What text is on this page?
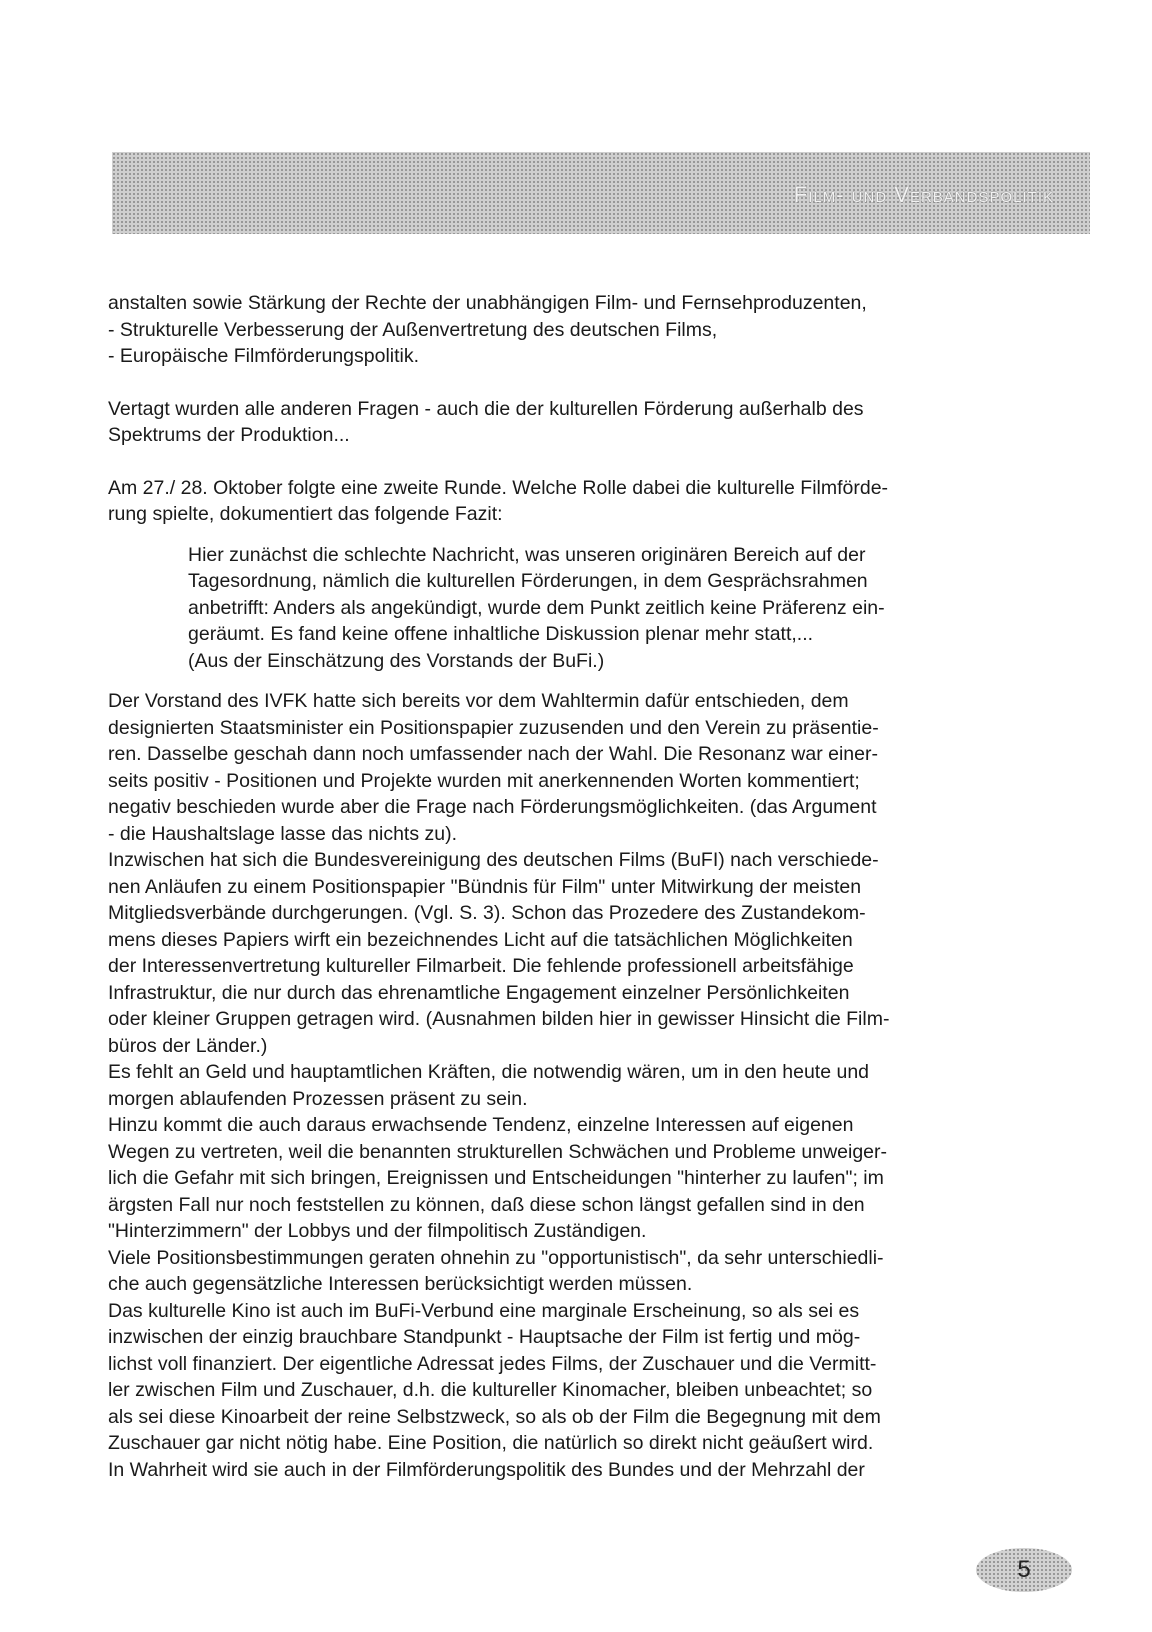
Film- und Verbandspolitik
anstalten sowie Stärkung der Rechte der unabhängigen Film- und Fernsehproduzenten,
- Strukturelle Verbesserung der Außenvertretung des deutschen Films,
- Europäische Filmförderungspolitik.
Vertagt wurden alle anderen Fragen - auch die der kulturellen Förderung außerhalb des
Spektrums der Produktion...
Am 27./ 28. Oktober folgte eine zweite Runde. Welche Rolle dabei die kulturelle Filmförde-
rung spielte, dokumentiert das folgende Fazit:
Hier zunächst die schlechte Nachricht, was unseren originären Bereich auf der
Tagesordnung, nämlich die kulturellen Förderungen, in dem Gesprächsrahmen
anbetrifft: Anders als angekündigt, wurde dem Punkt zeitlich keine Präferenz ein-
geräumt. Es fand keine offene inhaltliche Diskussion plenar mehr statt,...
(Aus der Einschätzung des Vorstands der BuFi.)
Der Vorstand des IVFK hatte sich bereits vor dem Wahltermin dafür entschieden, dem
designierten Staatsminister ein Positionspapier zuzusenden und den Verein zu präsentie-
ren. Dasselbe geschah dann noch umfassender nach der Wahl. Die Resonanz war einer-
seits positiv - Positionen und Projekte wurden mit anerkennenden Worten kommentiert;
negativ beschieden wurde aber die Frage nach Förderungsmöglichkeiten. (das Argument
- die Haushaltslage lasse das nichts zu).
Inzwischen hat sich die Bundesvereinigung des deutschen Films (BuFI) nach verschiede-
nen Anläufen zu einem Positionspapier "Bündnis für Film" unter Mitwirkung der meisten
Mitgliedsverbände durchgerungen. (Vgl. S. 3). Schon das Prozedere des Zustandekom-
mens dieses Papiers wirft ein bezeichnendes Licht auf die tatsächlichen Möglichkeiten
der Interessenvertretung kultureller Filmarbeit. Die fehlende professionell arbeitsfähige
Infrastruktur, die nur durch das ehrenamtliche Engagement einzelner Persönlichkeiten
oder kleiner Gruppen getragen wird. (Ausnahmen bilden hier in gewisser Hinsicht die Film-
büros der Länder.)
Es fehlt an Geld und hauptamtlichen Kräften, die notwendig wären, um in den heute und
morgen ablaufenden Prozessen präsent zu sein.
Hinzu kommt die auch daraus erwachsende Tendenz, einzelne Interessen auf eigenen
Wegen zu vertreten, weil die benannten strukturellen Schwächen und Probleme unweiger-
lich die Gefahr mit sich bringen, Ereignissen und Entscheidungen "hinterher zu laufen"; im
ärgsten Fall nur noch feststellen zu können, daß diese schon längst gefallen sind in den
"Hinterzimmern" der Lobbys und der filmpolitisch Zuständigen.
Viele Positionsbestimmungen geraten ohnehin zu "opportunistisch", da sehr unterschiedli-
che auch gegensätzliche Interessen berücksichtigt werden müssen.
Das kulturelle Kino ist auch im BuFi-Verbund eine marginale Erscheinung, so als sei es
inzwischen der einzig brauchbare Standpunkt - Hauptsache der Film ist fertig und mög-
lichst voll finanziert. Der eigentliche Adressat jedes Films, der Zuschauer und die Vermitt-
ler zwischen Film und Zuschauer, d.h. die kultureller Kinomacher, bleiben unbeachtet; so
als sei diese Kinoarbeit der reine Selbstzweck, so als ob der Film die Begegnung mit dem
Zuschauer gar nicht nötig habe. Eine Position, die natürlich so direkt nicht geäußert wird.
In Wahrheit wird sie auch in der Filmförderungspolitik des Bundes und der Mehrzahl der
5
